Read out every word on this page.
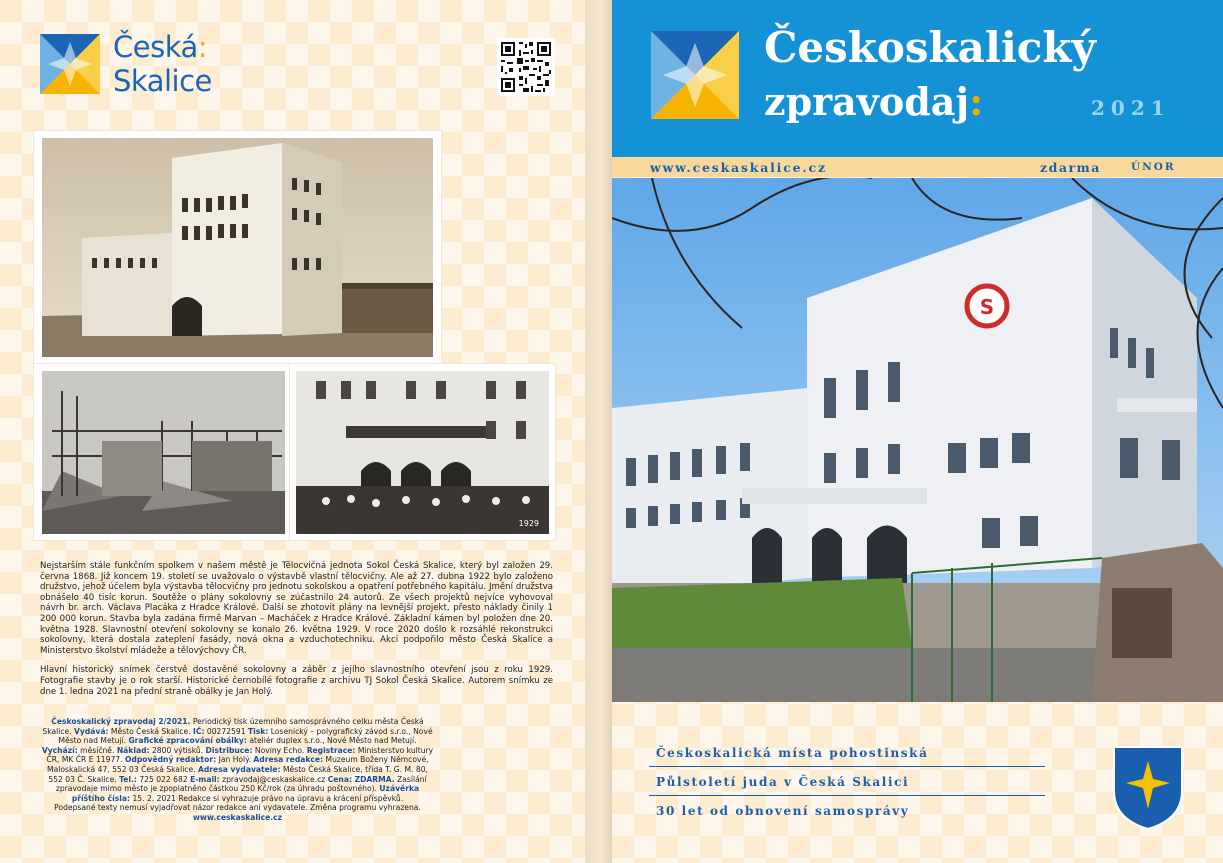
Česká:
Skalice
1929

Nejstarším stále funkčním spolkem v našem městě je Tělocvičná jednota Sokol Česká Skalice, který byl založen 29. června 1868. Již koncem 19. století se uvažovalo o výstavbě vlastní tělocvičny. Ale až 27. dubna 1922 bylo založeno družstvo, jehož účelem byla výstavba tělocvičny pro jednotu sokolskou a opatření potřebného kapitálu. Jmění družstva obnášelo 40 tisíc korun. Soutěže o plány sokolovny se zúčastnilo 24 autorů. Ze všech projektů nejvíce vyhovoval návrh br. arch. Václava Placáka z Hradce Králové. Další se zhotovit plány na levnější projekt, přesto náklady činily 1 200 000 korun. Stavba byla zadána firmě Marvan – Macháček z Hradce Králové. Základní kámen byl položen dne 20. května 1928. Slavnostní otevření sokolovny se konalo 26. května 1929. V roce 2020 došlo k rozsáhlé rekonstrukci sokolovny, která dostala zateplení fasády, nová okna a vzduchotechniku. Akci podpořilo město Česká Skalice a Ministerstvo školství mládeže a tělovýchovy ČR.

Hlavní historický snímek čerstvě dostavěné sokolovny a záběr z jejího slavnostního otevření jsou z roku 1929. Fotografie stavby je o rok starší. Historické černobílé fotografie z archivu TJ Sokol Česká Skalice. Autorem snímku ze dne 1. ledna 2021 na přední straně obálky je Jan Holý.

Českoskalický zpravodaj 2/2021. Periodický tisk územního samosprávného celku města Česká Skalice. Vydává: Město Česká Skalice. IČ: 00272591 Tisk: Losenický – polygrafický závod s.r.o., Nové Město nad Metují. Grafické zpracování obálky: ateliér duplex s.r.o., Nové Město nad Metují. Vychází: měsíčně. Náklad: 2800 výtisků. Distribuce: Noviny Echo. Registrace: Ministerstvo kultury ČR, MK ČR E 11977. Odpovědný redaktor: Jan Holý. Adresa redakce: Muzeum Boženy Němcové, Maloskalická 47, 552 03 Česká Skalice. Adresa vydavatele: Město Česká Skalice, třída T. G. M. 80, 552 03 Č. Skalice. Tel.: 725 022 682 E-mail: zpravodaj@ceskaskalice.cz Cena: ZDARMA. Zasílání zpravodaje mimo město je zpoplatněno částkou 250 Kč/rok (za úhradu poštovného). Uzávěrka příštího čísla: 15. 2. 2021 Redakce si vyhrazuje právo na úpravu a krácení příspěvků.
Podepsané texty nemusí vyjadřovat názor redakce ani vydavatele. Změna programu vyhrazena.
www.ceskaskalice.cz
Českoskalický
zpravodaj:	2021
www.ceskaskalice.cz	zdarma	ÚNOR
S
Českoskalická místa pohostinská
Půlstoletí juda v Česká Skalici
30 let od obnovení samosprávy
